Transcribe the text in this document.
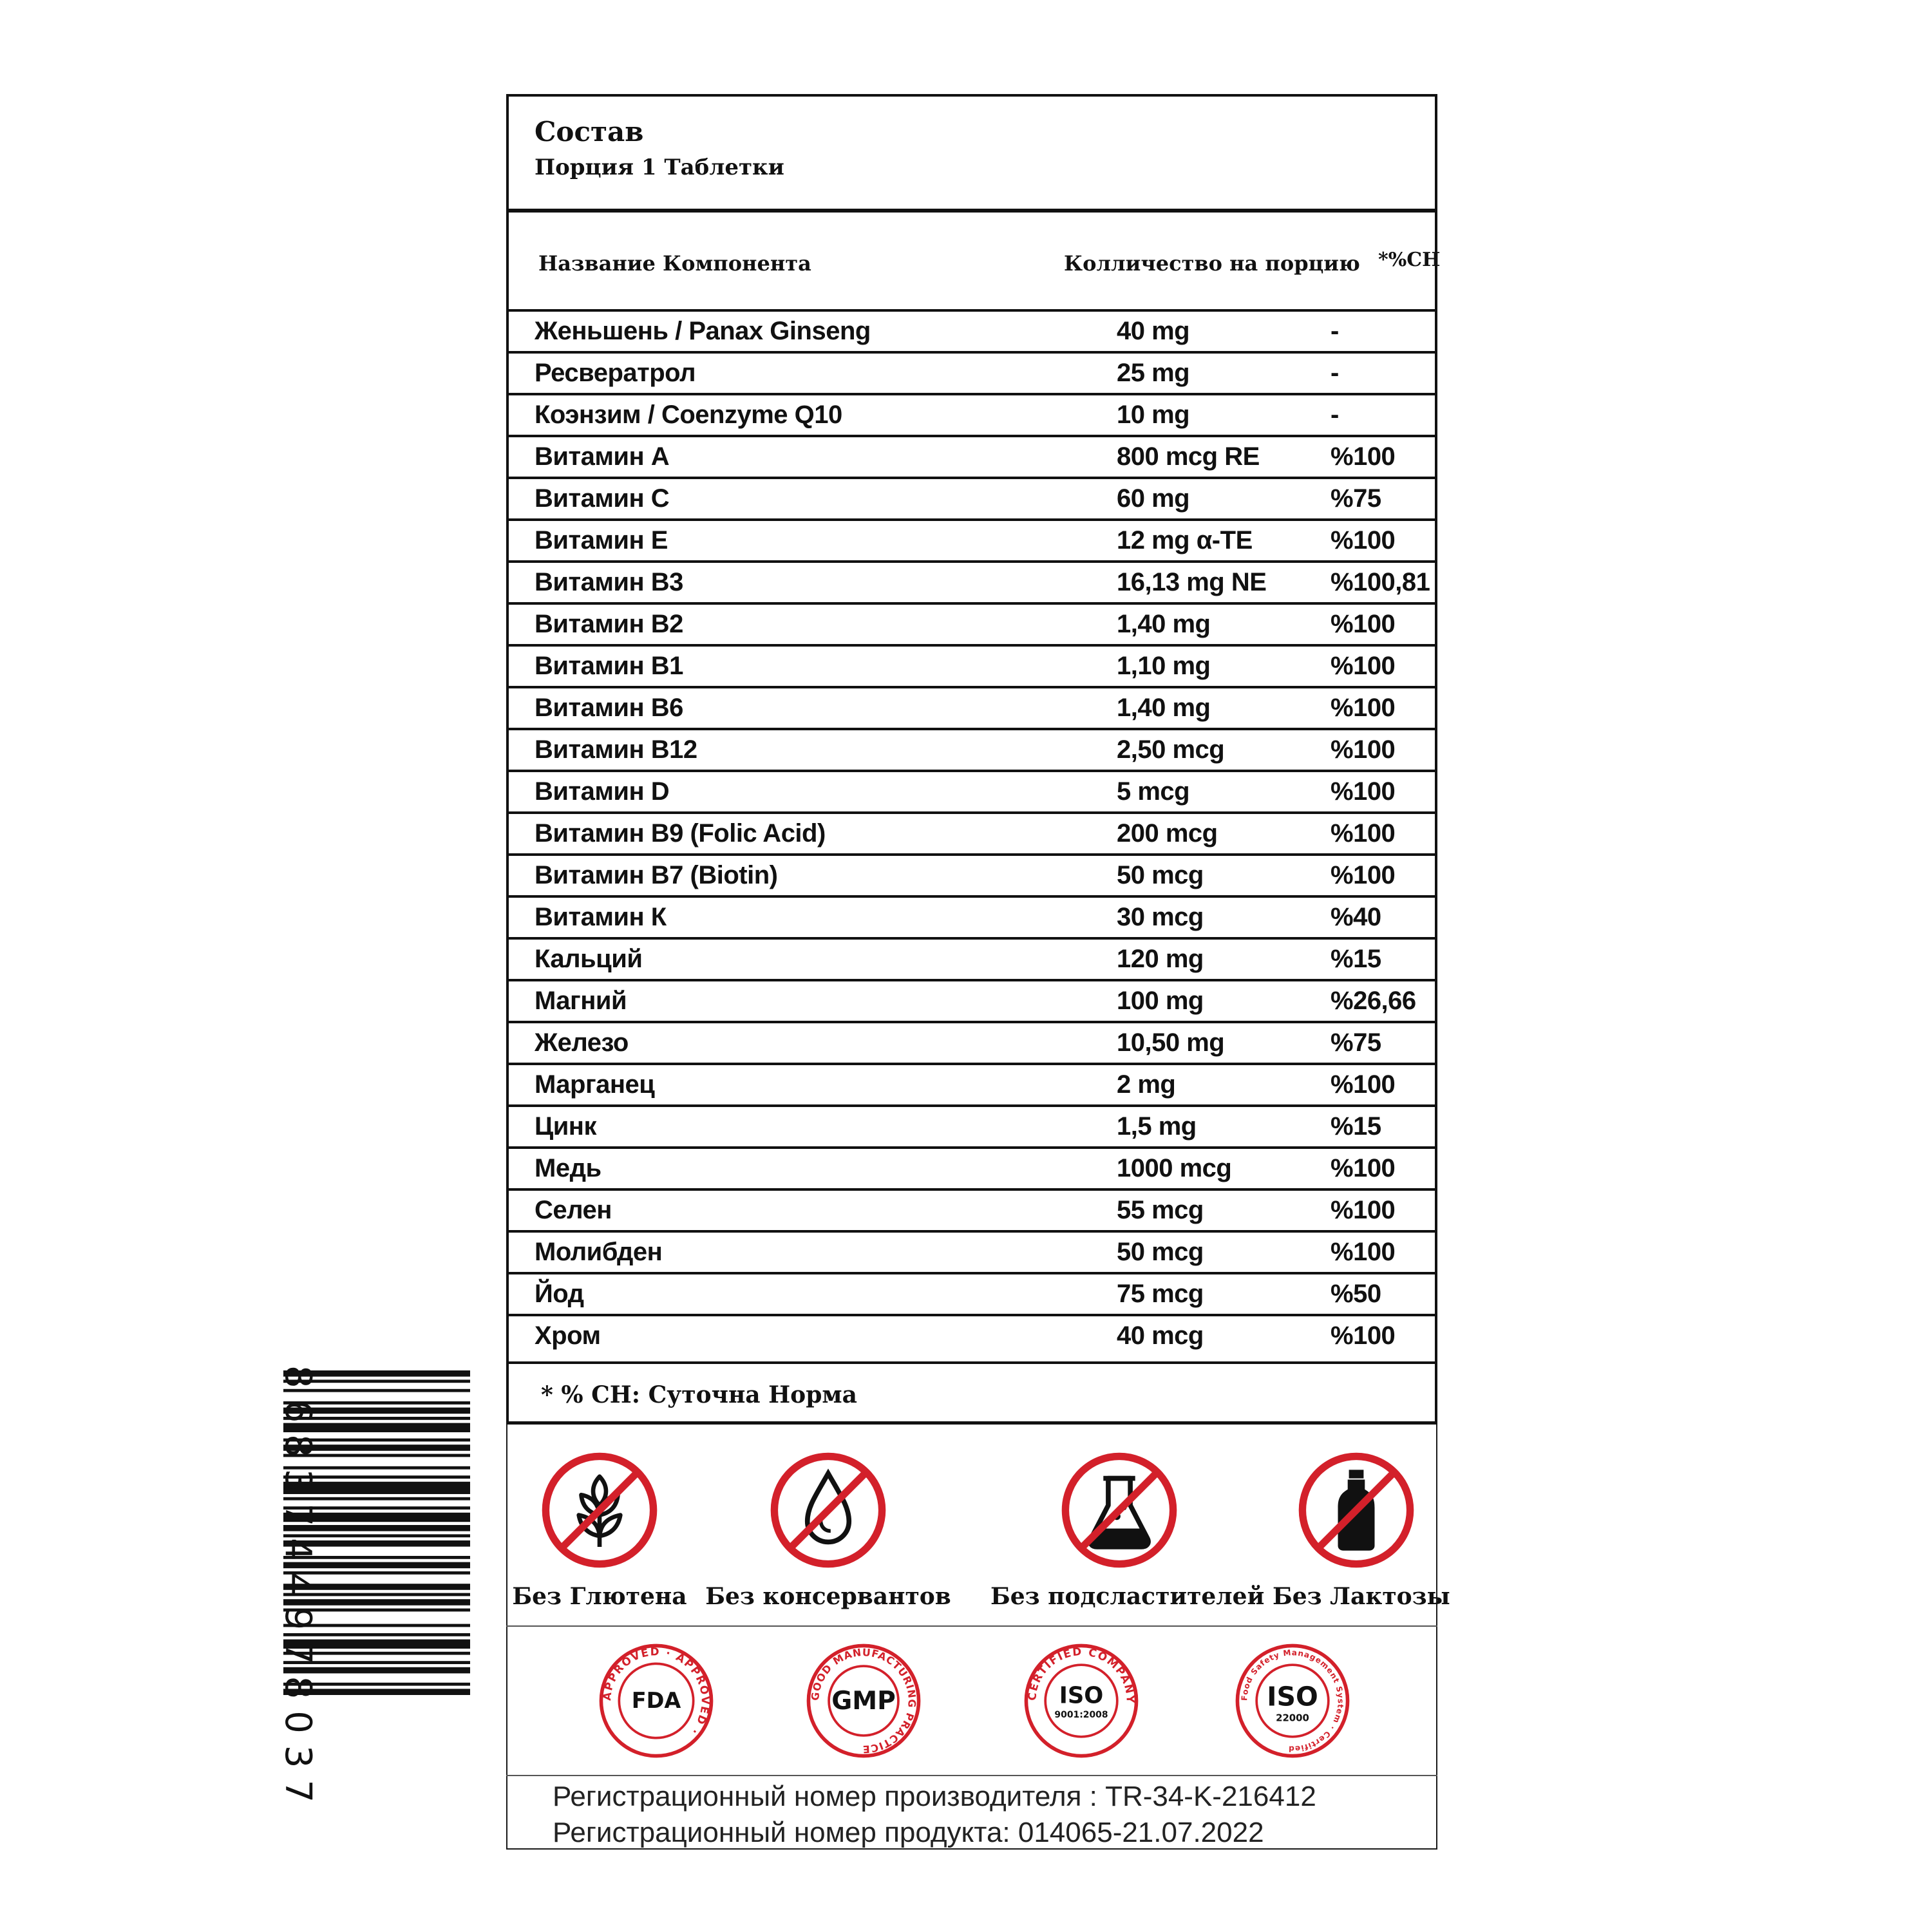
Состав
Порция 1 Таблетки
Название Компонента	Колличество на порцию *%СН
Женьшень / Panax Ginseng	40 mg	-
Ресвератрол	25 mg	-
Коэнзим / Coenzyme Q10	10 mg	-
Витамин А	800 mcg RE	%100
Витамин С	60 mg	%75
Витамин Е	12 mg α-TE	%100
Витамин В3	16,13 mg NE %100,81
Витамин В2	1,40 mg	%100
Витамин В1	1,10 mg	%100
Витамин В6	1,40 mg	%100
Витамин В12	2,50 mcg	%100
Витамин D	5 mcg	%100
Витамин В9 (Folic Acid)	200 mcg	%100
Витамин В7 (Biotin)	50 mcg	%100
Витамин К	30 mcg	%40
Кальций	120 mg	%15
Магний	100 mg	%26,66
Железо	10,50 mg	%75
Марганец	2 mg	%100
Цинк	1,5 mg	%15
Медь	1000 mcg	%100
Селен	55 mcg	%100
Молибден	50 mcg	%100
Йод	75 mcg	%50
Хром	40 mcg	%100
* % СН: Суточна Норма
Без Глютена Без консервантов Без подсластителей Без Лактозы
APPROVED · APPROVED ·
FDA	GOOD MANUFACTURING PRACTICE
GMP	CERTIFIED COMPANY
ISO
9001:2008
Food Safety Management System · Certified
ISO
22000
Регистрационный номер производителя : TR-34-K-216412
Регистрационный номер продукта: 014065-21.07.2022
8683744978037
